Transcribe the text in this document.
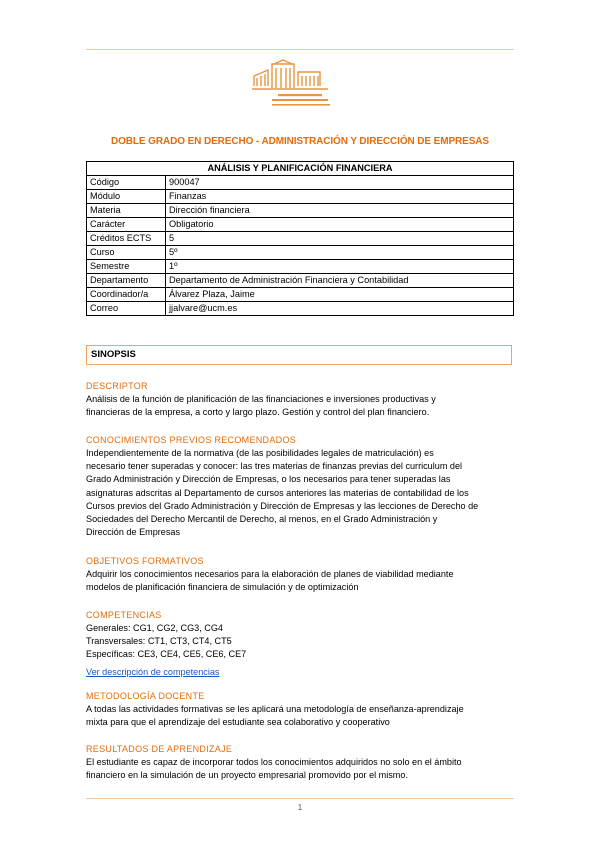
DOBLE GRADO EN DERECHO - ADMINISTRACIÓN Y DIRECCIÓN DE EMPRESAS
ANÁLISIS Y PLANIFICACIÓN FINANCIERA	
Código	900047
Módulo	Finanzas
Materia	Dirección financiera
Carácter	Obligatorio
Créditos ECTS	5
Curso	5º
Semestre	1º
Departamento	Departamento de Administración Financiera y Contabilidad
Coordinador/a	Álvarez Plaza, Jaime
Correo	jjalvare@ucm.es
SINOPSIS
DESCRIPTOR
Análisis de la función de planificación de las financiaciones e inversiones productivas y
financieras de la empresa, a corto y largo plazo. Gestión y control del plan financiero.
CONOCIMIENTOS PREVIOS RECOMENDADOS
Independientemente de la normativa (de las posibilidades legales de matriculación) es
necesario tener superadas y conocer: las tres materias de finanzas previas del curriculum del
Grado Administración y Dirección de Empresas, o los necesarios para tener superadas las
asignaturas adscritas al Departamento de cursos anteriores las materias de contabilidad de los
Cursos previos del Grado Administración y Dirección de Empresas y las lecciones de Derecho de
Sociedades del Derecho Mercantil de Derecho, al menos, en el Grado Administración y
Dirección de Empresas
OBJETIVOS FORMATIVOS
Adquirir los conocimientos necesarios para la elaboración de planes de viabilidad mediante
modelos de planificación financiera de simulación y de optimización
COMPETENCIAS
Generales: CG1, CG2, CG3, CG4
Transversales: CT1, CT3, CT4, CT5
Específicas: CE3, CE4, CE5, CE6, CE7
Ver descripción de competencias
METODOLOGÍA DOCENTE
A todas las actividades formativas se les aplicará una metodología de enseñanza-aprendizaje
mixta para que el aprendizaje del estudiante sea colaborativo y cooperativo
RESULTADOS DE APRENDIZAJE
El estudiante es capaz de incorporar todos los conocimientos adquiridos no solo en el ámbito
financiero en la simulación de un proyecto empresarial promovido por el mismo.
1
